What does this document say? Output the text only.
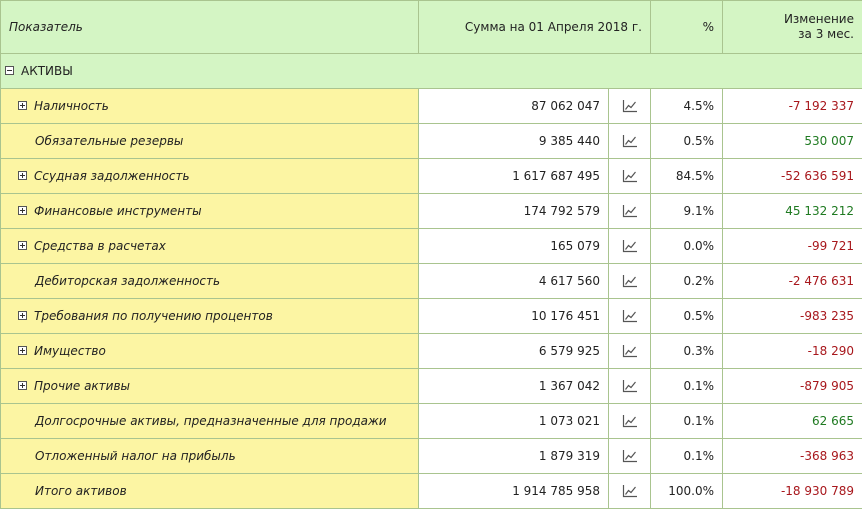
Показатель	Сумма на 01 Апреля 2018 г.		%	Изменение
за 3 мес.
АКТИВЫ				
Наличность	87 062 047		4.5%	-7 192 337
Обязательные резервы	9 385 440		0.5%	530 007
Ссудная задолженность	1 617 687 495		84.5%	-52 636 591
Финансовые инструменты	174 792 579		9.1%	45 132 212
Средства в расчетах	165 079		0.0%	-99 721
Дебиторская задолженность	4 617 560		0.2%	-2 476 631
Требования по получению процентов	10 176 451		0.5%	-983 235
Имущество	6 579 925		0.3%	-18 290
Прочие активы	1 367 042		0.1%	-879 905
Долгосрочные активы, предназначенные для продажи	1 073 021		0.1%	62 665
Отложенный налог на прибыль	1 879 319		0.1%	-368 963
Итого активов	1 914 785 958		100.0%	-18 930 789
